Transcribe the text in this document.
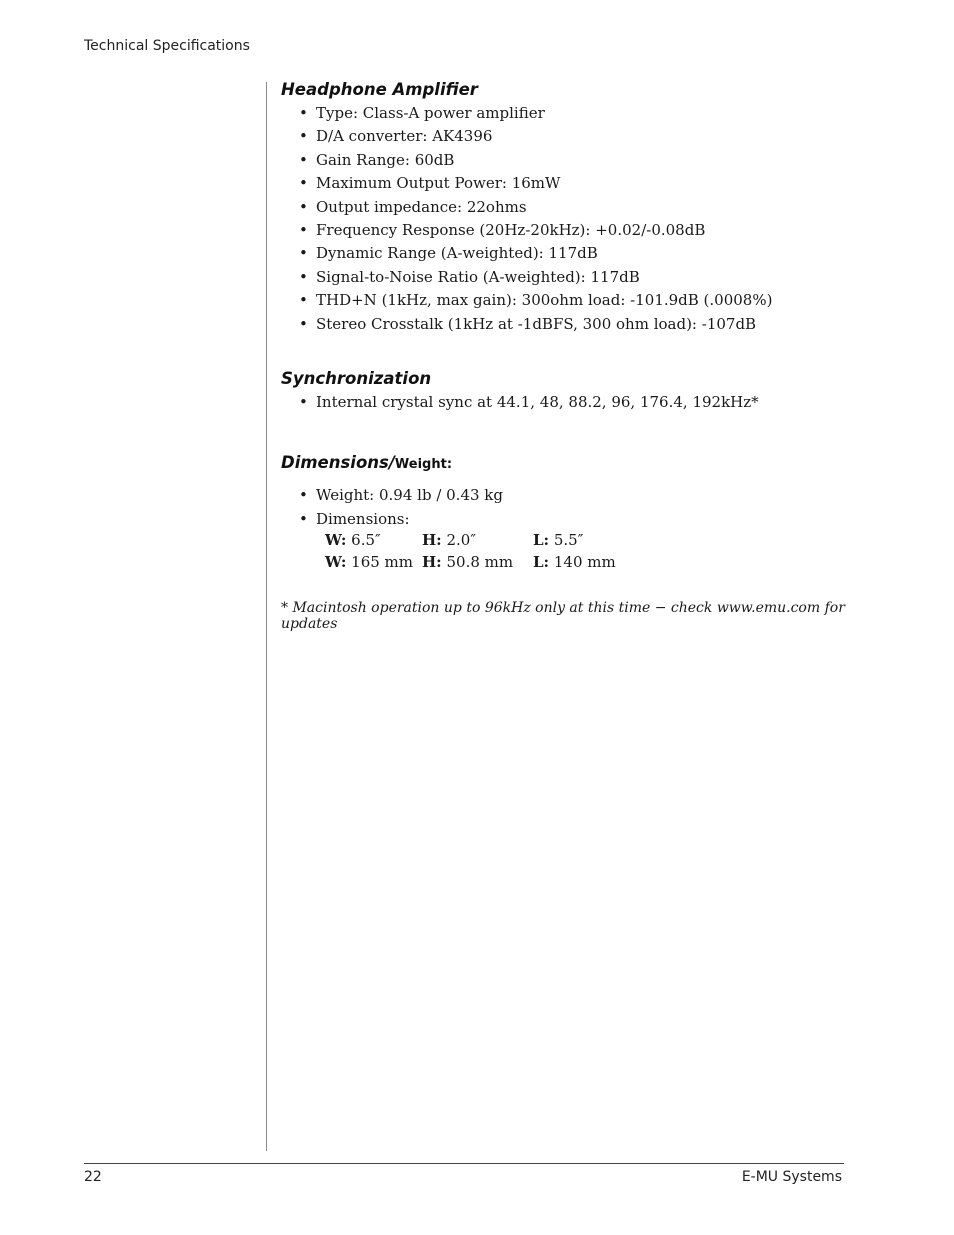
Technical Specifications
Headphone Amplifier
• Type: Class-A power amplifier
• D/A converter: AK4396
• Gain Range: 60dB
• Maximum Output Power: 16mW
• Output impedance: 22ohms
• Frequency Response (20Hz-20kHz): +0.02/-0.08dB
• Dynamic Range (A-weighted): 117dB
• Signal-to-Noise Ratio (A-weighted): 117dB
• THD+N (1kHz, max gain): 300ohm load: -101.9dB (.0008%)
• Stereo Crosstalk (1kHz at -1dBFS, 300 ohm load): -107dB
Synchronization
• Internal crystal sync at 44.1, 48, 88.2, 96, 176.4, 192kHz*
Dimensions/Weight:
• Weight: 0.94 lb / 0.43 kg
• Dimensions:
W: 6.5″	H: 2.0″	L: 5.5″
W: 165 mm	H: 50.8 mm	L: 140 mm

* Macintosh operation up to 96kHz only at this time − check www.emu.com for updates

22	E-MU Systems
